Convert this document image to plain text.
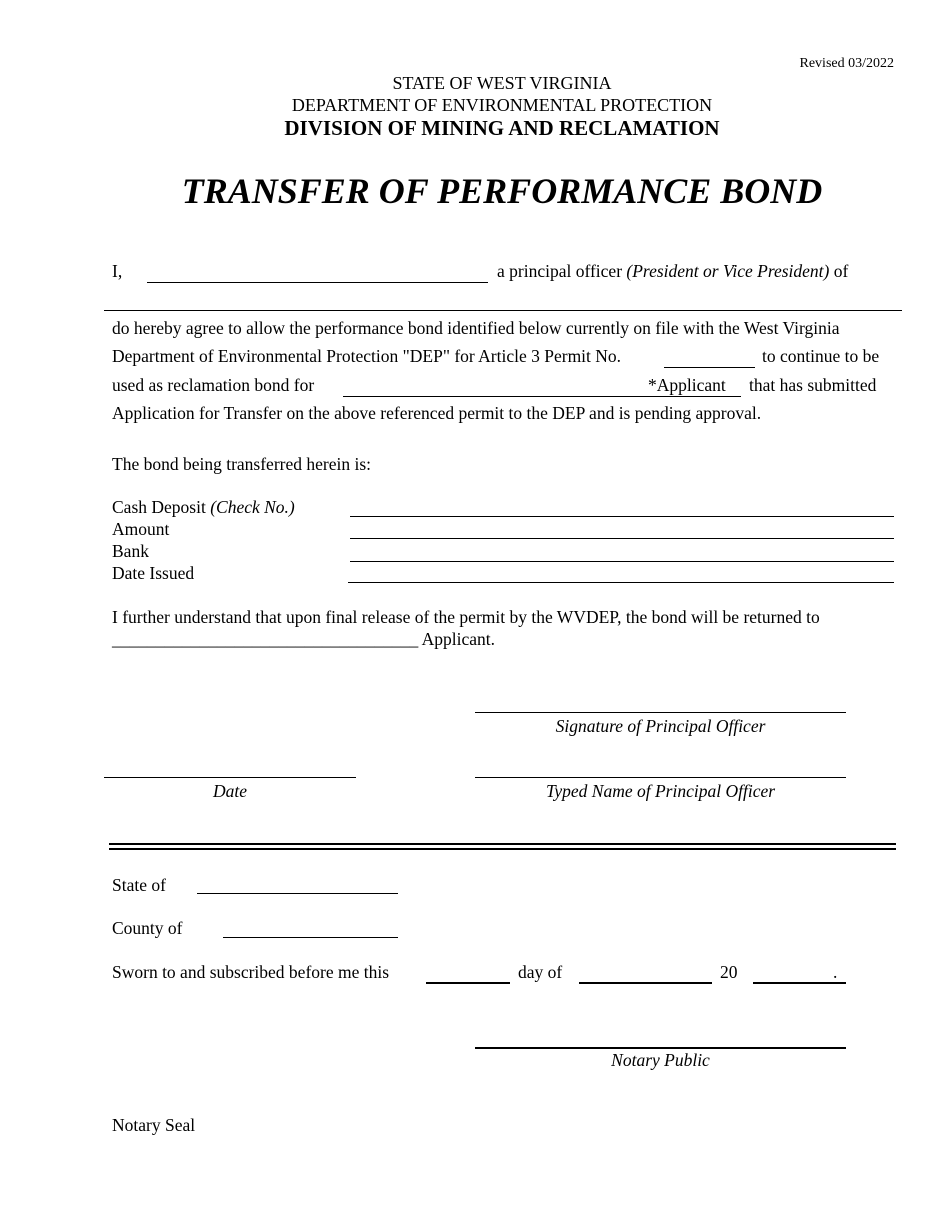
Revised 03/2022
STATE OF WEST VIRGINIA
DEPARTMENT OF ENVIRONMENTAL PROTECTION
DIVISION OF MINING AND RECLAMATION
TRANSFER OF PERFORMANCE BOND
I,	a principal officer (President or Vice President) of
do hereby agree to allow the performance bond identified below currently on file with the West Virginia
Department of Environmental Protection "DEP" for Article 3 Permit No.	to continue to be
used as reclamation bond for	*Applicant that has submitted
Application for Transfer on the above referenced permit to the DEP and is pending approval.
The bond being transferred herein is:
Cash Deposit (Check No.)
Amount
Bank
Date Issued
I further understand that upon final release of the permit by the WVDEP, the bond will be returned to
___________________________________ Applicant.
Signature of Principal Officer
Date	Typed Name of Principal Officer
State of
County of
Sworn to and subscribed before me this	day of	20	.
Notary Public
Notary Seal
